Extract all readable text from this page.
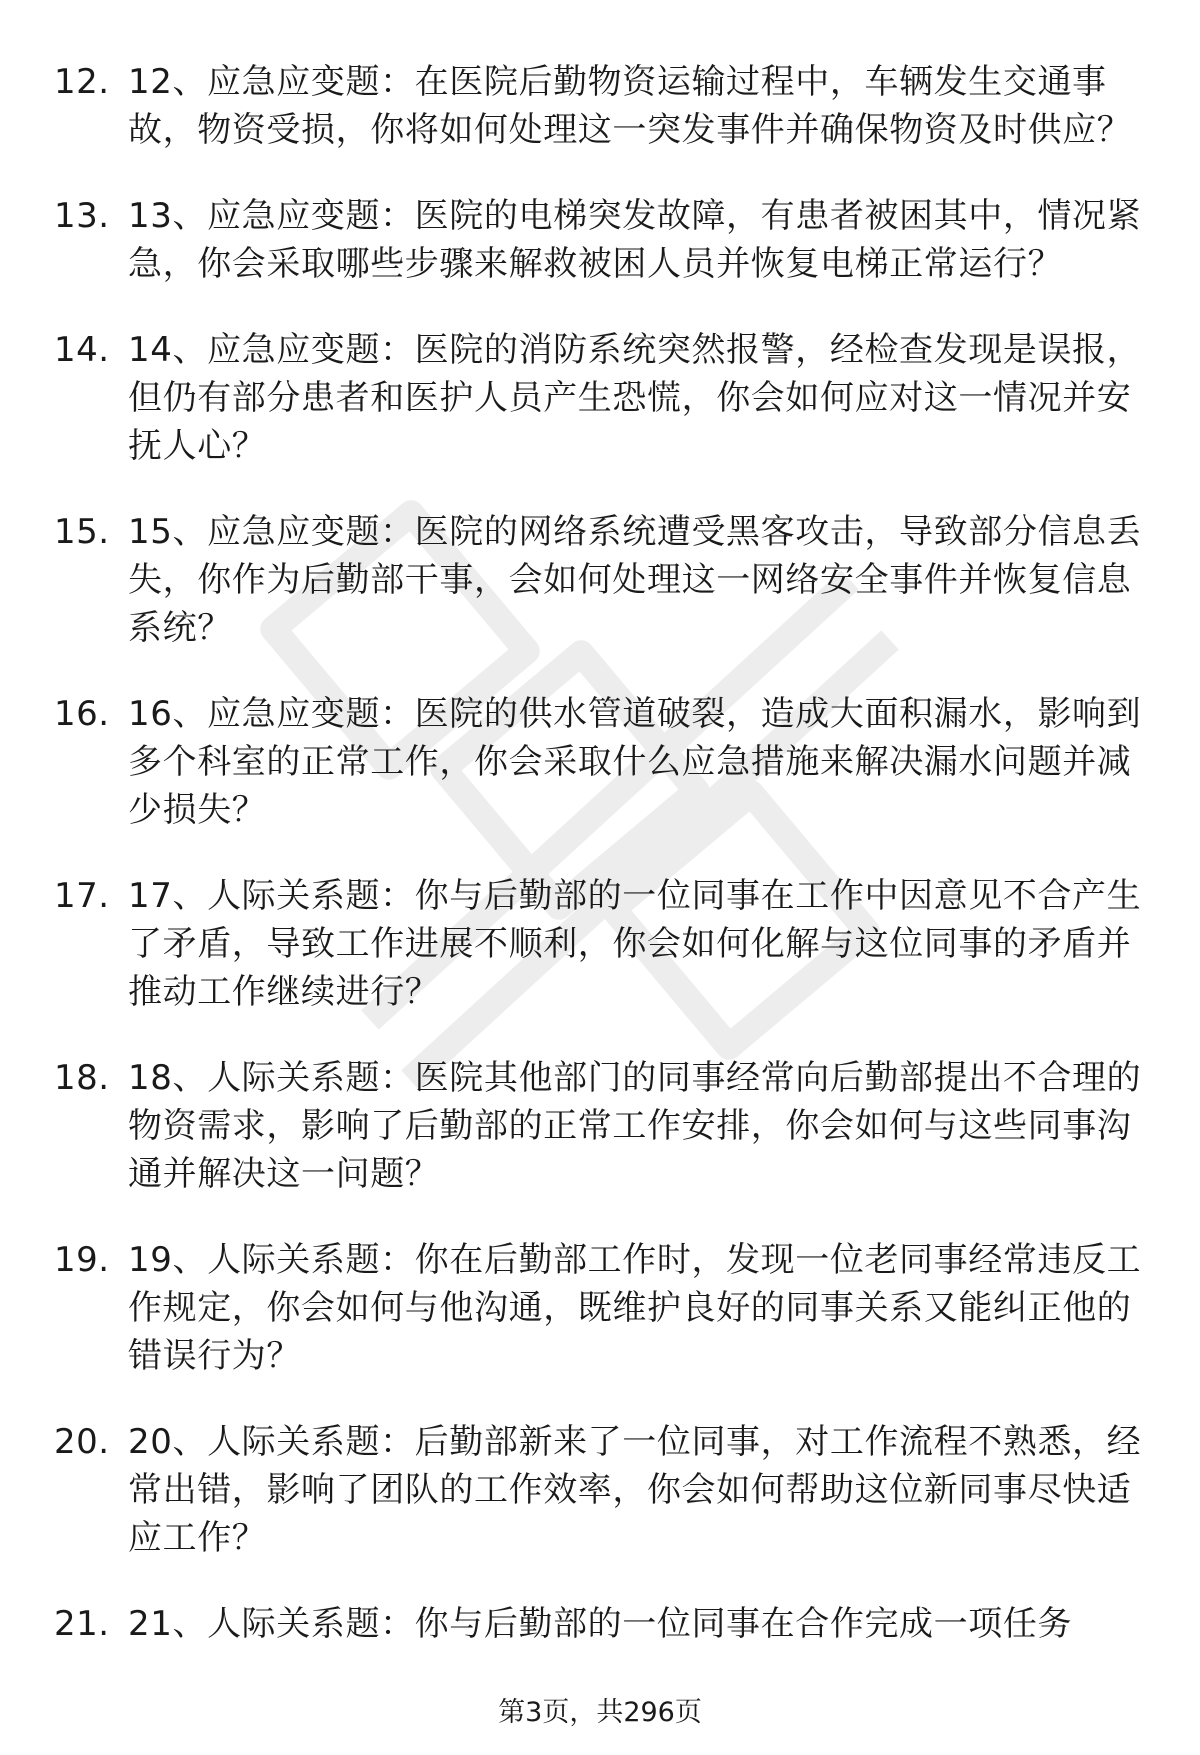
12. 12、应急应变题：在医院后勤物资运输过程中，车辆发生交通事故，物资受损，你将如何处理这一突发事件并确保物资及时供应？
13. 13、应急应变题：医院的电梯突发故障，有患者被困其中，情况紧急，你会采取哪些步骤来解救被困人员并恢复电梯正常运行？
14. 14、应急应变题：医院的消防系统突然报警，经检查发现是误报，但仍有部分患者和医护人员产生恐慌，你会如何应对这一情况并安抚人心？
15. 15、应急应变题：医院的网络系统遭受黑客攻击，导致部分信息丢失，你作为后勤部干事，会如何处理这一网络安全事件并恢复信息系统？
16. 16、应急应变题：医院的供水管道破裂，造成大面积漏水，影响到多个科室的正常工作，你会采取什么应急措施来解决漏水问题并减少损失？
17. 17、人际关系题：你与后勤部的一位同事在工作中因意见不合产生了矛盾，导致工作进展不顺利，你会如何化解与这位同事的矛盾并推动工作继续进行？
18. 18、人际关系题：医院其他部门的同事经常向后勤部提出不合理的物资需求，影响了后勤部的正常工作安排，你会如何与这些同事沟通并解决这一问题？
19. 19、人际关系题：你在后勤部工作时，发现一位老同事经常违反工作规定，你会如何与他沟通，既维护良好的同事关系又能纠正他的错误行为？
20. 20、人际关系题：后勤部新来了一位同事，对工作流程不熟悉，经常出错，影响了团队的工作效率，你会如何帮助这位新同事尽快适应工作？
21. 21、人际关系题：你与后勤部的一位同事在合作完成一项任务
第3页，共296页
